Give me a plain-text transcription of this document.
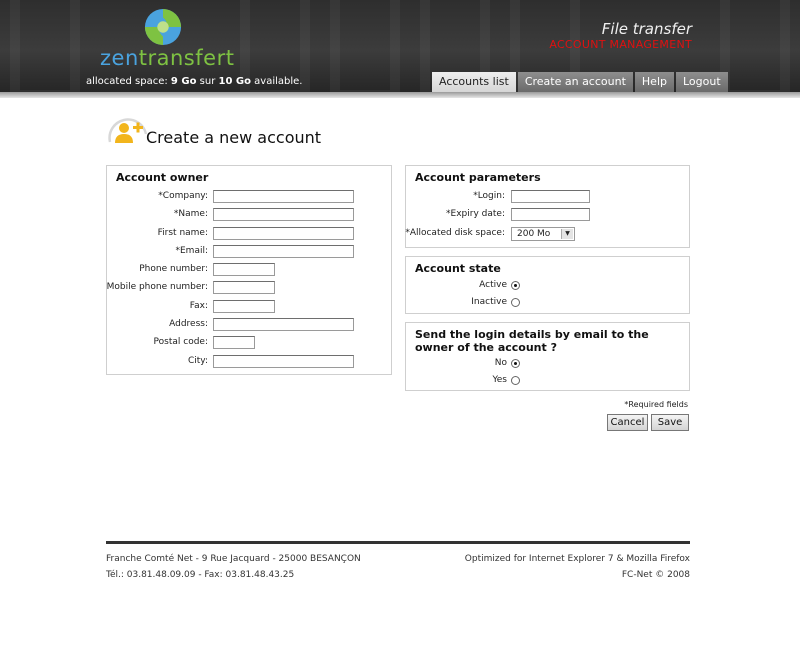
zentransfert
allocated space: 9 Go sur 10 Go available.
File transfer
ACCOUNT MANAGEMENT
Accounts list	Create an account	Help	Logout
Create a new account
Account owner
*Company:
*Name:
First name:
*Email:
Phone number:
Mobile phone number:
Fax:
Address:
Postal code:
City:
Account parameters
*Login:
*Expiry date:
*Allocated disk space:	200 Mo	▼
Account state
Active
Inactive
Send the login details by email to the owner of the account ?
No
Yes
*Required fields
Cancel	Save
Franche Comté Net - 9 Rue Jacquard - 25000 BESANÇON
Tél.: 03.81.48.09.09 - Fax: 03.81.48.43.25
Optimized for Internet Explorer 7 & Mozilla Firefox
FC-Net © 2008
